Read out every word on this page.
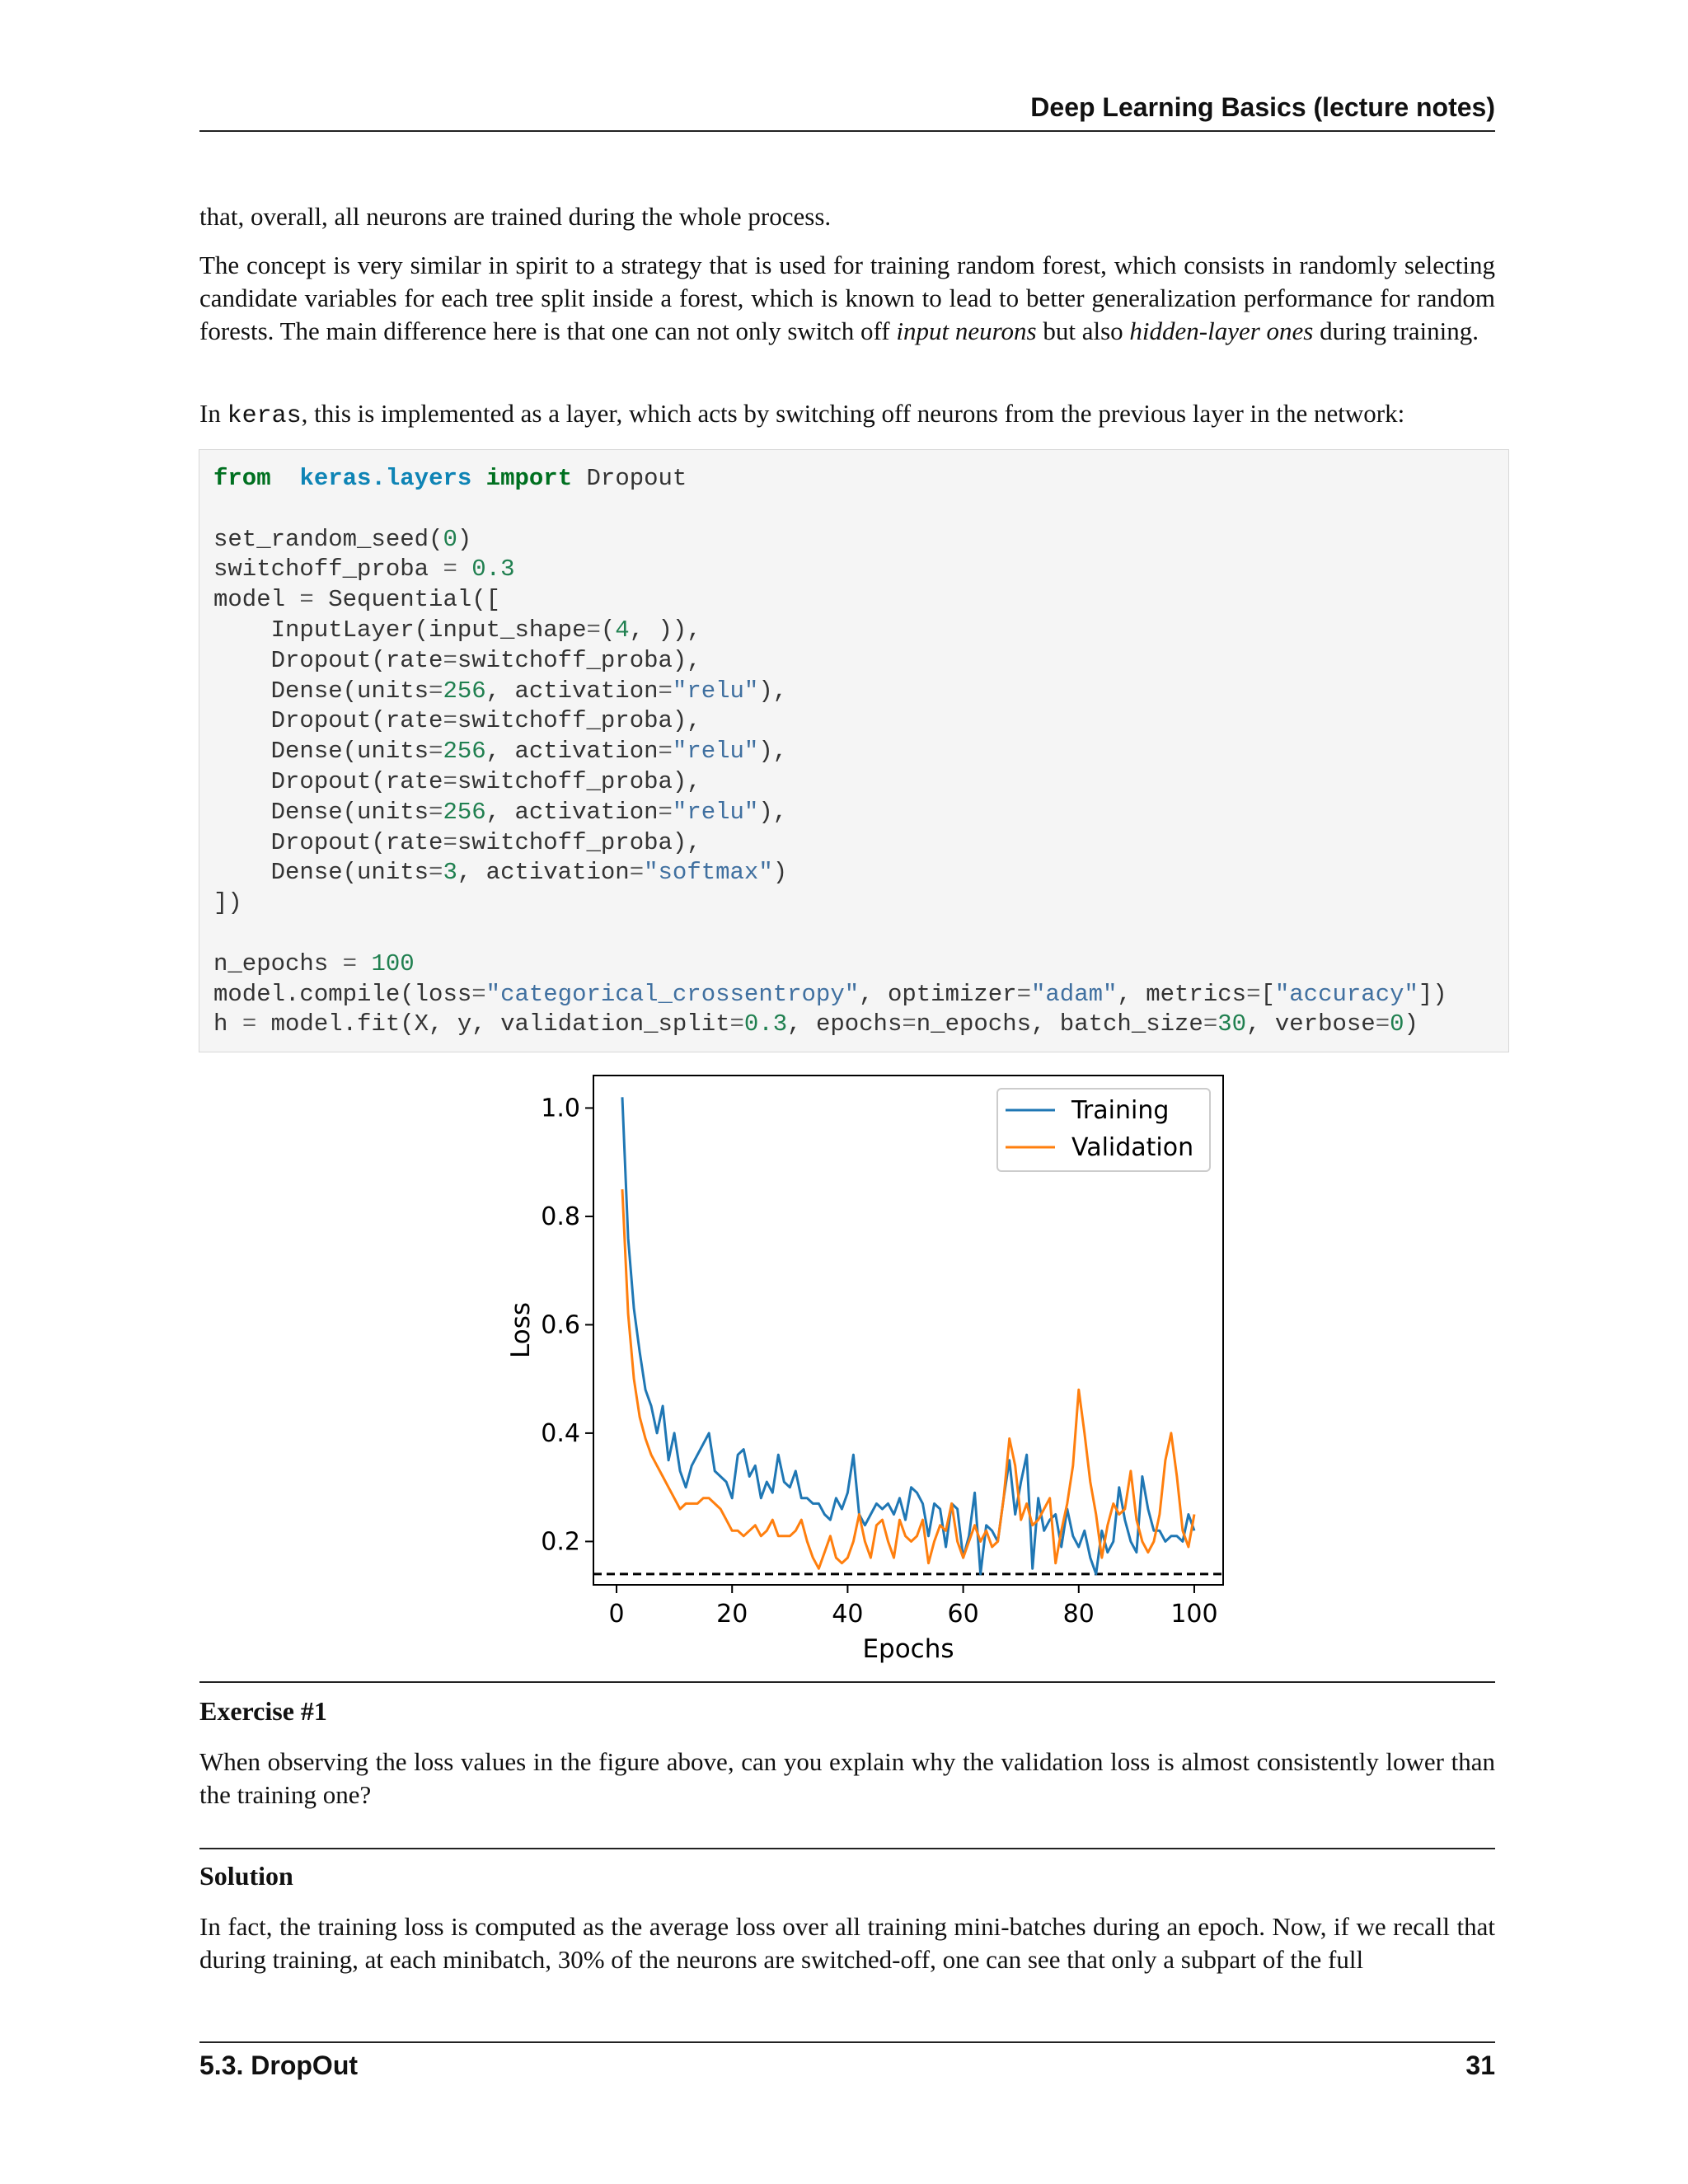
Deep Learning Basics (lecture notes)

that, overall, all neurons are trained during the whole process.

The concept is very similar in spirit to a strategy that is used for training random forest, which consists in randomly selecting candidate variables for each tree split inside a forest, which is known to lead to better generalization performance for random forests. The main difference here is that one can not only switch off input neurons but also hidden-layer ones during training.

In keras, this is implemented as a layer, which acts by switching off neurons from the previous layer in the network:

from keras.layers import Dropout

set_random_seed(0)
switchoff_proba = 0.3
model = Sequential([
InputLayer(input_shape=(4, )),
Dropout(rate=switchoff_proba),
Dense(units=256, activation="relu"),
Dropout(rate=switchoff_proba),
Dense(units=256, activation="relu"),
Dropout(rate=switchoff_proba),
Dense(units=256, activation="relu"),
Dropout(rate=switchoff_proba),
Dense(units=3, activation="softmax")
])

n_epochs = 100
model.compile(loss="categorical_crossentropy", optimizer="adam", metrics=["accuracy"])
h = model.fit(X, y, validation_split=0.3, epochs=n_epochs, batch_size=30, verbose=0)
0	20	40	60	80	100
0.2
0.4
0.6
0.8
1.0
Epochs
Loss
Training
Validation
Exercise #1

When observing the loss values in the figure above, can you explain why the validation loss is almost consistently lower than the training one?

Solution

In fact, the training loss is computed as the average loss over all training mini-batches during an epoch. Now, if we recall that during training, at each minibatch, 30% of the neurons are switched-off, one can see that only a subpart of the full

5.3. DropOut	31
